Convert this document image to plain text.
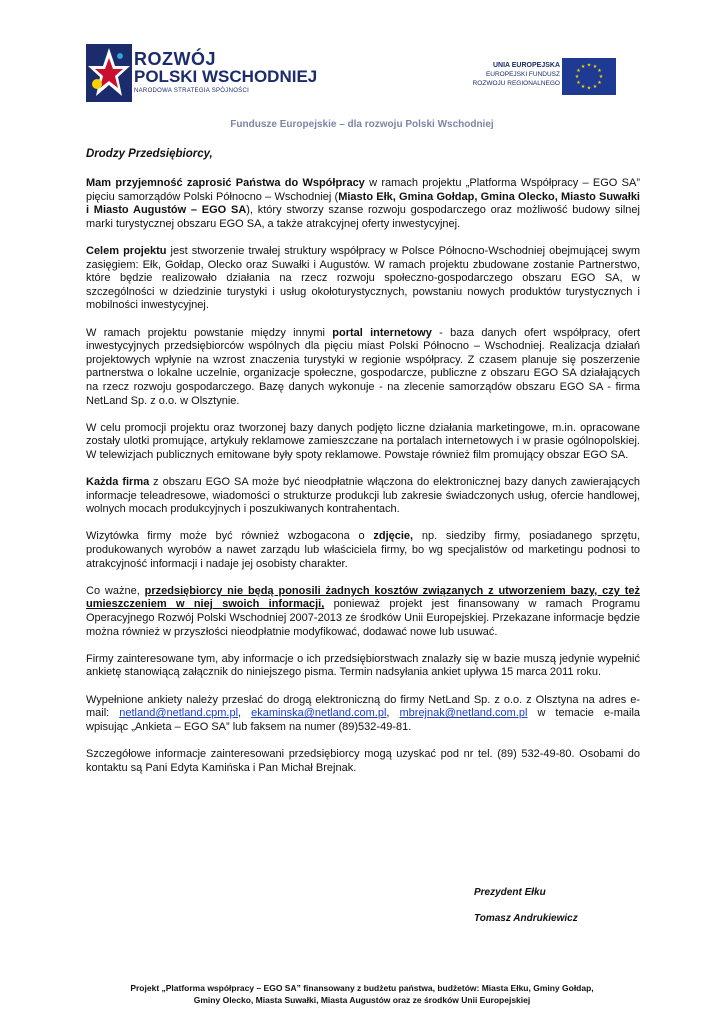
ROZWÓJ
POLSKI WSCHODNIEJ
NARODOWA STRATEGIA SPÓJNOŚCI
UNIA EUROPEJSKA
EUROPEJSKI FUNDUSZ
ROZWOJU REGIONALNEGO
★ ★
★
★
★
★
★
★
★
★
★
★
Fundusze Europejskie – dla rozwoju Polski Wschodniej
Drodzy Przedsiębiorcy,
Mam przyjemność zaprosić Państwa do Współpracy w ramach projektu „Platforma Współpracy – EGO SA” pięciu samorządów Polski Północno – Wschodniej (Miasto Ełk, Gmina Gołdap, Gmina Olecko, Miasto Suwałki i Miasto Augustów – EGO SA), który stworzy szanse rozwoju gospodarczego oraz możliwość budowy silnej marki turystycznej obszaru EGO SA, a także atrakcyjnej oferty inwestycyjnej.
Celem projektu jest stworzenie trwałej struktury współpracy w Polsce Północno-Wschodniej obejmującej swym zasięgiem: Ełk, Gołdap, Olecko oraz Suwałki i Augustów. W ramach projektu zbudowane zostanie Partnerstwo, które będzie realizowało działania na rzecz rozwoju społeczno-gospodarczego obszaru EGO SA, w szczególności w dziedzinie turystyki i usług okołoturystycznych, powstaniu nowych produktów turystycznych i mobilności inwestycyjnej.
W ramach projektu powstanie między innymi portal internetowy - baza danych ofert współpracy, ofert inwestycyjnych przedsiębiorców wspólnych dla pięciu miast Polski Północno – Wschodniej. Realizacja działań projektowych wpłynie na wzrost znaczenia turystyki w regionie współpracy. Z czasem planuje się poszerzenie partnerstwa o lokalne uczelnie, organizacje społeczne, gospodarcze, publiczne z obszaru EGO SA działających na rzecz rozwoju gospodarczego. Bazę danych wykonuje - na zlecenie samorządów obszaru EGO SA - firma NetLand Sp. z o.o. w Olsztynie.
W celu promocji projektu oraz tworzonej bazy danych podjęto liczne działania marketingowe, m.in. opracowane zostały ulotki promujące, artykuły reklamowe zamieszczane na portalach internetowych i w prasie ogólnopolskiej. W telewizjach publicznych emitowane były spoty reklamowe. Powstaje również film promujący obszar EGO SA.
Każda firma z obszaru EGO SA może być nieodpłatnie włączona do elektronicznej bazy danych zawierających informacje teleadresowe, wiadomości o strukturze produkcji lub zakresie świadczonych usług, ofercie handlowej, wolnych mocach produkcyjnych i poszukiwanych kontrahentach.
Wizytówka firmy może być również wzbogacona o zdjęcie, np. siedziby firmy, posiadanego sprzętu, produkowanych wyrobów a nawet zarządu lub właściciela firmy, bo wg specjalistów od marketingu podnosi to atrakcyjność informacji i nadaje jej osobisty charakter.
Co ważne, przedsiębiorcy nie będą ponosili żadnych kosztów związanych z utworzeniem bazy, czy też umieszczeniem w niej swoich informacji, ponieważ projekt jest finansowany w ramach Programu Operacyjnego Rozwój Polski Wschodniej 2007-2013 ze środków Unii Europejskiej. Przekazane informacje będzie można również w przyszłości nieodpłatnie modyfikować, dodawać nowe lub usuwać.
Firmy zainteresowane tym, aby informacje o ich przedsiębiorstwach znalazły się w bazie muszą jedynie wypełnić ankietę stanowiącą załącznik do niniejszego pisma. Termin nadsyłania ankiet upływa 15 marca 2011 roku.
Wypełnione ankiety należy przesłać do drogą elektroniczną do firmy NetLand Sp. z o.o. z Olsztyna na adres e-mail: netland@netland.cpm.pl, ekaminska@netland.com.pl, mbrejnak@netland.com.pl w temacie e-maila wpisując „Ankieta – EGO SA” lub faksem na numer (89)532-49-81.
Szczegółowe informacje zainteresowani przedsiębiorcy mogą uzyskać pod nr tel. (89) 532-49-80. Osobami do kontaktu są Pani Edyta Kamińska i Pan Michał Brejnak.
Prezydent Ełku
Tomasz Andrukiewicz
Projekt „Platforma współpracy – EGO SA” finansowany z budżetu państwa, budżetów: Miasta Ełku, Gminy Gołdap,
Gminy Olecko, Miasta Suwałki, Miasta Augustów oraz ze środków Unii Europejskiej
